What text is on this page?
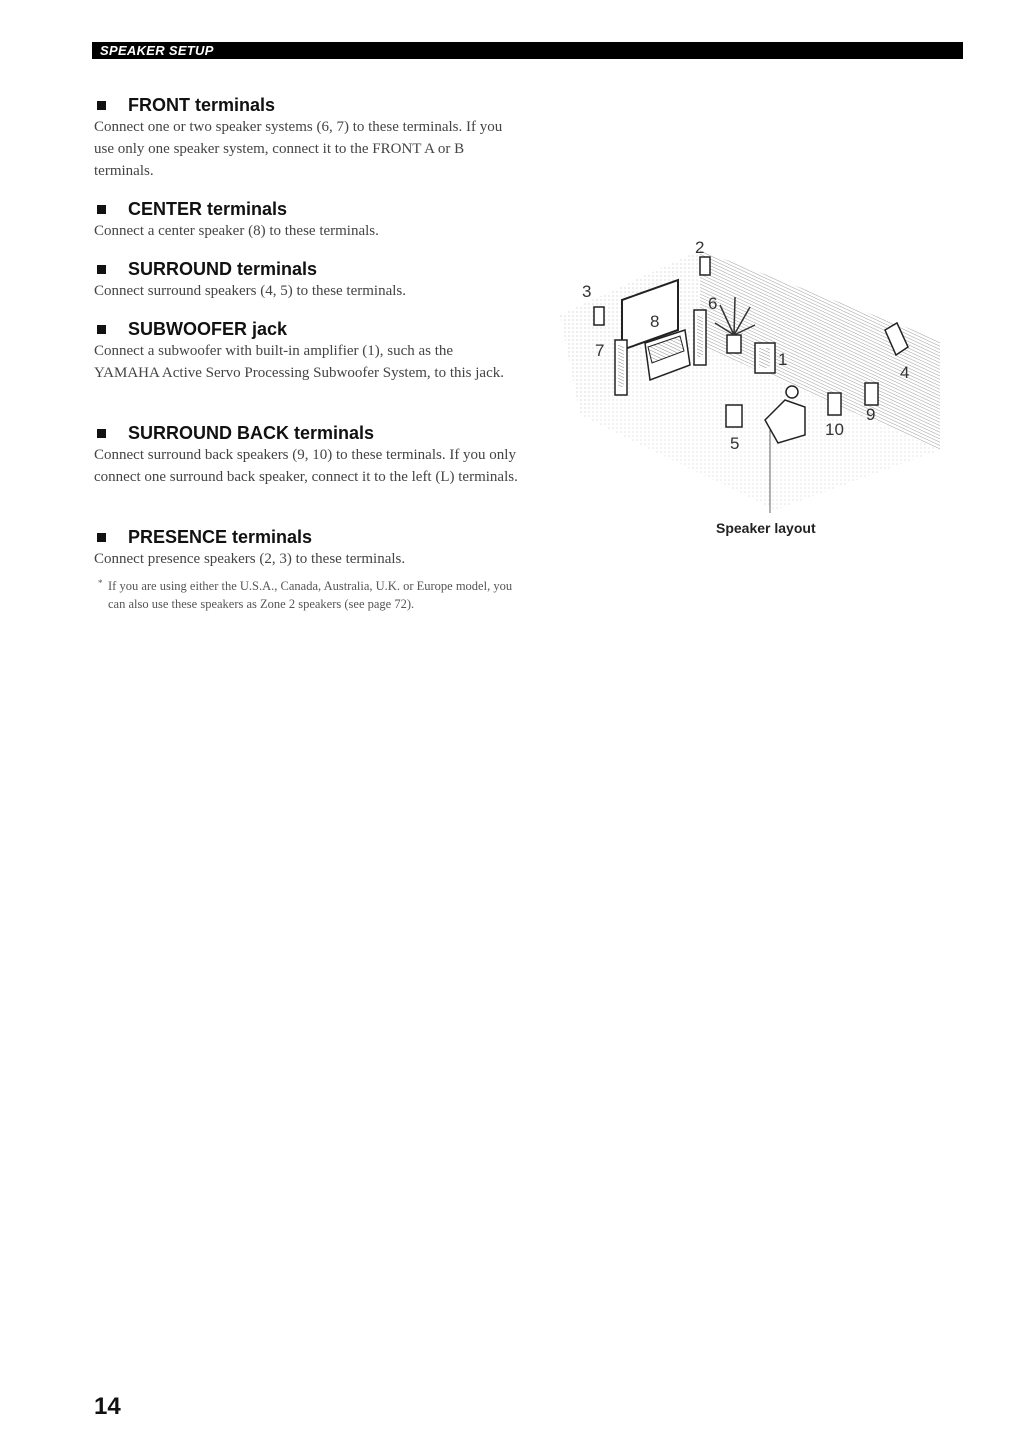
SPEAKER SETUP
FRONT terminals

Connect one or two speaker systems (6, 7) to these terminals. If you use only one speaker system, connect it to the FRONT A or B terminals.

CENTER terminals

Connect a center speaker (8) to these terminals.

SURROUND terminals

Connect surround speakers (4, 5) to these terminals.

SUBWOOFER jack

Connect a subwoofer with built-in amplifier (1), such as the YAMAHA Active Servo Processing Subwoofer System, to this jack.

SURROUND BACK terminals

Connect surround back speakers (9, 10) to these terminals. If you only connect one surround back speaker, connect it to the left (L) terminals.

PRESENCE terminals

Connect presence speakers (2, 3) to these terminals.

* If you are using either the U.S.A., Canada, Australia, U.K. or Europe model, you can also use these speakers as Zone 2 speakers (see page 72).
1
2
3
4
5
6
7
8
9
10
Speaker layout
14
